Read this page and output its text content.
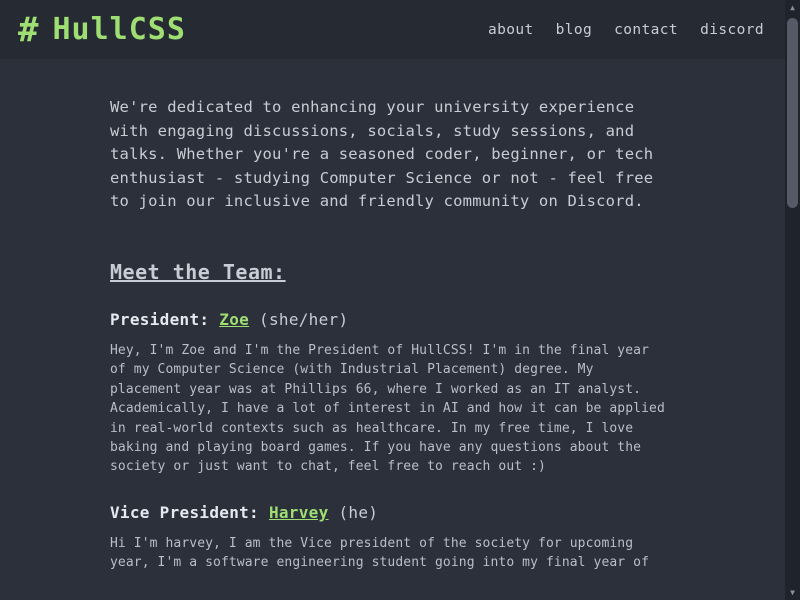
# HullCSS	about blog contact discord

We're dedicated to enhancing your university experience with engaging discussions, socials, study sessions, and talks. Whether you're a seasoned coder, beginner, or tech enthusiast - studying Computer Science or not - feel free to join our inclusive and friendly community on Discord.

Meet the Team:

President: Zoe (she/her)

Hey, I'm Zoe and I'm the President of HullCSS! I'm in the final year of my Computer Science (with Industrial Placement) degree. My placement year was at Phillips 66, where I worked as an IT analyst. Academically, I have a lot of interest in AI and how it can be applied in real-world contexts such as healthcare. In my free time, I love baking and playing board games. If you have any questions about the society or just want to chat, feel free to reach out :)

Vice President: Harvey (he)

Hi I'm harvey, I am the Vice president of the society for upcoming year, I'm a software engineering student going into my final year of

▲
▼
